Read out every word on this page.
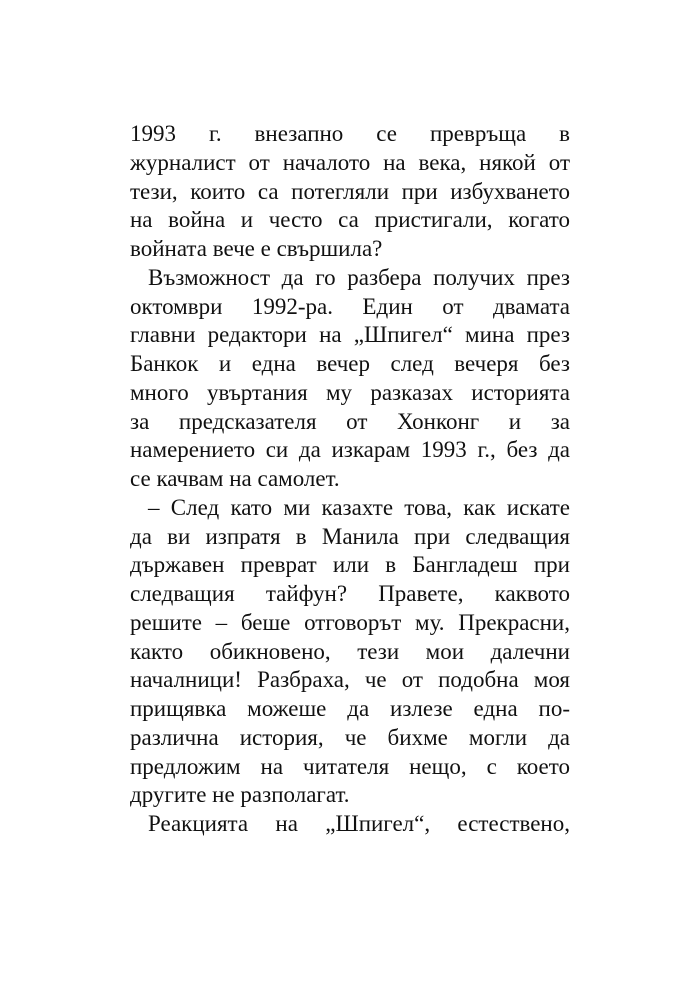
1993 г. внезапно се превръща в
журналист от началото на века, някой от
тези, които са потегляли при избухването
на война и често са пристигали, когато
войната вече е свършила?
Възможност да го разбера получих през
октомври 1992-ра. Един от двамата
главни редактори на „Шпигел“ мина през
Банкок и една вечер след вечеря без
много увъртания му разказах историята
за предсказателя от Хонконг и за
намерението си да изкарам 1993 г., без да
се качвам на самолет.
– След като ми казахте това, как искате
да ви изпратя в Манила при следващия
държавен преврат или в Бангладеш при
следващия тайфун? Правете, каквото
решите – беше отговорът му. Прекрасни,
както обикновено, тези мои далечни
началници! Разбраха, че от подобна моя
прищявка можеше да излезе една по-
различна история, че бихме могли да
предложим на читателя нещо, с което
другите не разполагат.
Реакцията на „Шпигел“, естествено,
